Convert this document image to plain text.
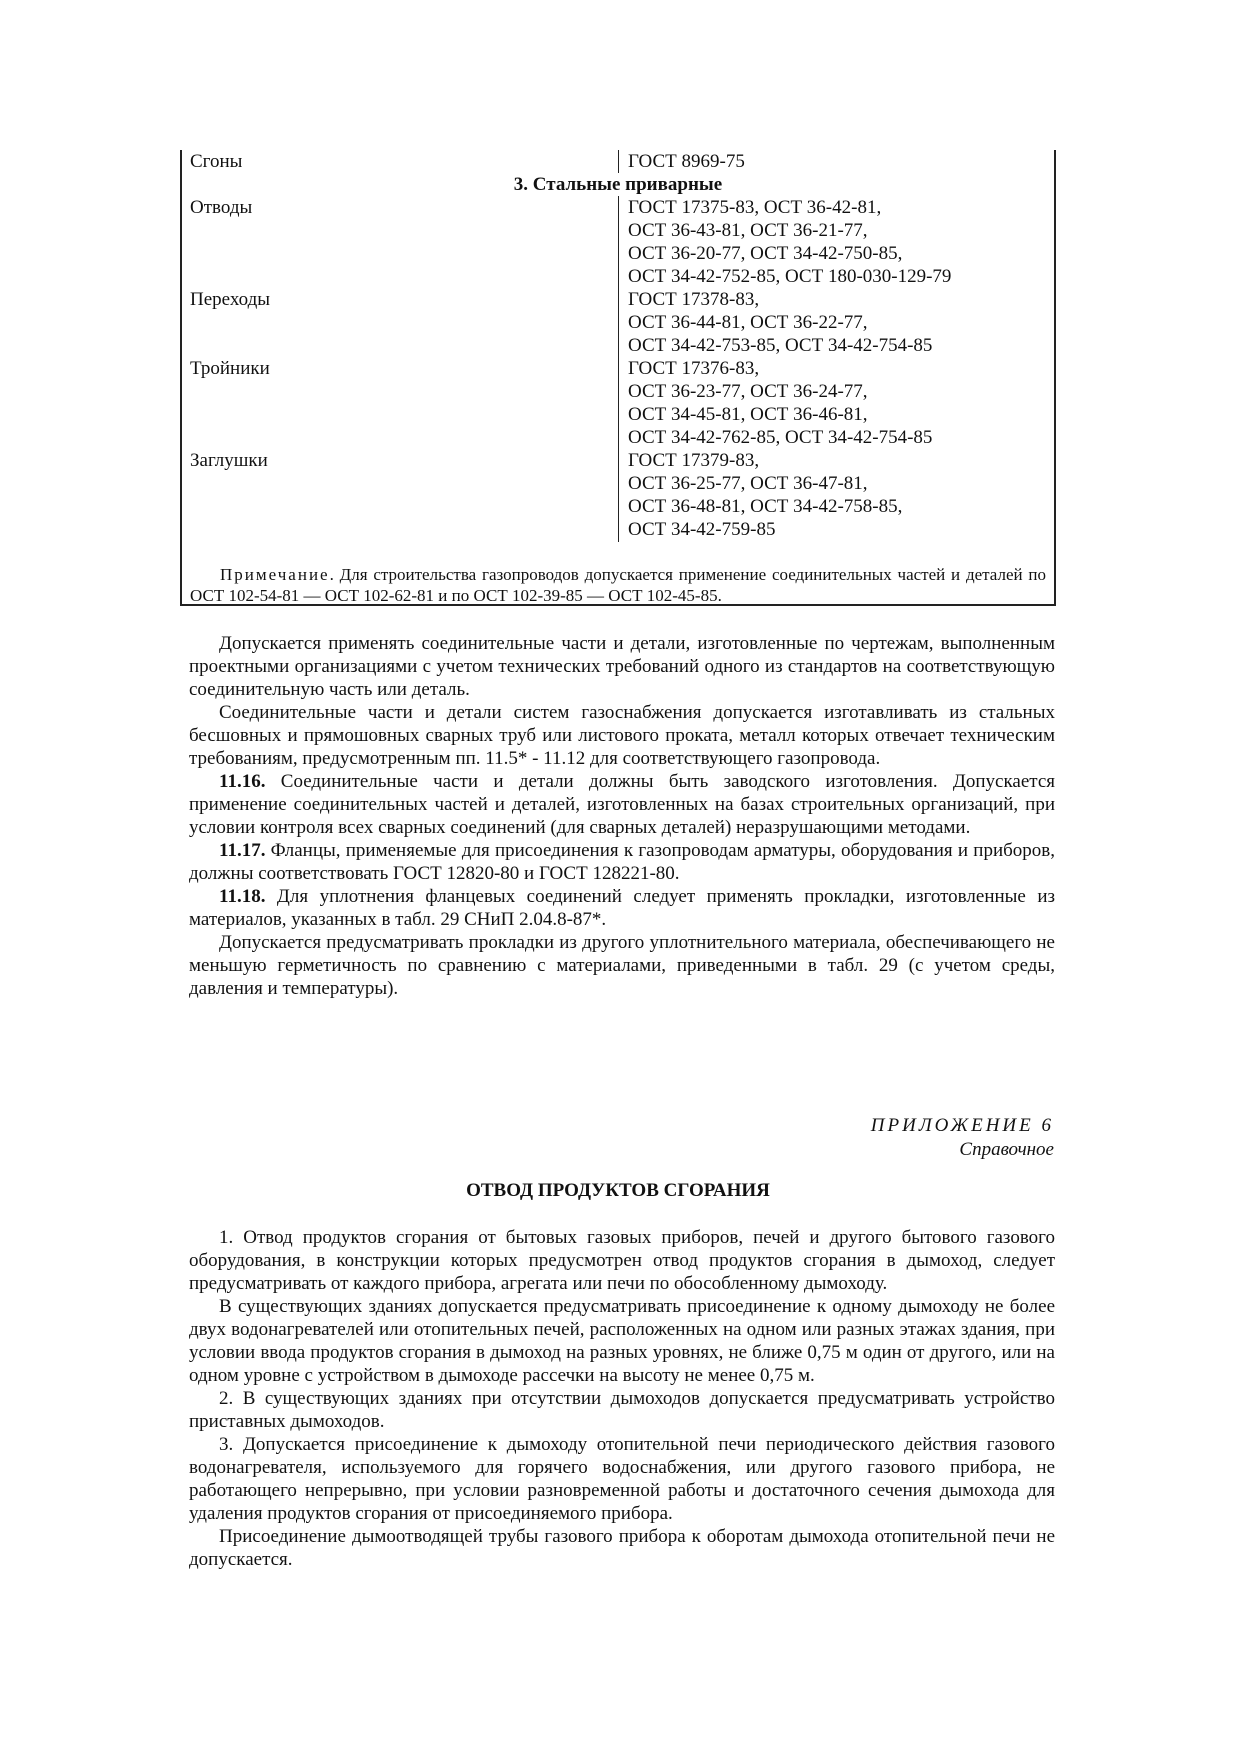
Сгоны	ГОСТ 8969-75
3. Стальные приварные
Отводы	ГОСТ 17375-83, ОСТ 36-42-81,
ОСТ 36-43-81, ОСТ 36-21-77,
ОСТ 36-20-77, ОСТ 34-42-750-85,
ОСТ 34-42-752-85, ОСТ 180-030-129-79
Переходы	ГОСТ 17378-83,
ОСТ 36-44-81, ОСТ 36-22-77,
ОСТ 34-42-753-85, ОСТ 34-42-754-85
Тройники	ГОСТ 17376-83,
ОСТ 36-23-77, ОСТ 36-24-77,
ОСТ 34-45-81, ОСТ 36-46-81,
ОСТ 34-42-762-85, ОСТ 34-42-754-85
Заглушки	ГОСТ 17379-83,
ОСТ 36-25-77, ОСТ 36-47-81,
ОСТ 36-48-81, ОСТ 34-42-758-85,
ОСТ 34-42-759-85
Примечание. Для строительства газопроводов допускается применение соединительных частей и деталей по ОСТ 102-54-81 — ОСТ 102-62-81 и по ОСТ 102-39-85 — ОСТ 102-45-85.

Допускается применять соединительные части и детали, изготовленные по чертежам, выполненным проектными организациями с учетом технических требований одного из стандартов на соответствующую соединительную часть или деталь.

Соединительные части и детали систем газоснабжения допускается изготавливать из стальных бесшовных и прямошовных сварных труб или листового проката, металл которых отвечает техническим требованиям, предусмотренным пп. 11.5* - 11.12 для соответствующего газопровода.

11.16. Соединительные части и детали должны быть заводского изготовления. Допускается применение соединительных частей и деталей, изготовленных на базах строительных организаций, при условии контроля всех сварных соединений (для сварных деталей) неразрушающими методами.

11.17. Фланцы, применяемые для присоединения к газопроводам арматуры, оборудования и приборов, должны соответствовать ГОСТ 12820-80 и ГОСТ 128221-80.

11.18. Для уплотнения фланцевых соединений следует применять прокладки, изготовленные из материалов, указанных в табл. 29 СНиП 2.04.8-87*.

Допускается предусматривать прокладки из другого уплотнительного материала, обеспечивающего не меньшую герметичность по сравнению с материалами, приведенными в табл. 29 (с учетом среды, давления и температуры).

ПРИЛОЖЕНИЕ 6
Справочное
ОТВОД ПРОДУКТОВ СГОРАНИЯ

1. Отвод продуктов сгорания от бытовых газовых приборов, печей и другого бытового газового оборудования, в конструкции которых предусмотрен отвод продуктов сгорания в дымоход, следует предусматривать от каждого прибора, агрегата или печи по обособленному дымоходу.

В существующих зданиях допускается предусматривать присоединение к одному дымоходу не более двух водонагревателей или отопительных печей, расположенных на одном или разных этажах здания, при условии ввода продуктов сгорания в дымоход на разных уровнях, не ближе 0,75 м один от другого, или на одном уровне с устройством в дымоходе рассечки на высоту не менее 0,75 м.

2. В существующих зданиях при отсутствии дымоходов допускается предусматривать устройство приставных дымоходов.

3. Допускается присоединение к дымоходу отопительной печи периодического действия газового водонагревателя, используемого для горячего водоснабжения, или другого газового прибора, не работающего непрерывно, при условии разновременной работы и достаточного сечения дымохода для удаления продуктов сгорания от присоединяемого прибора.

Присоединение дымоотводящей трубы газового прибора к оборотам дымохода отопительной печи не допускается.
